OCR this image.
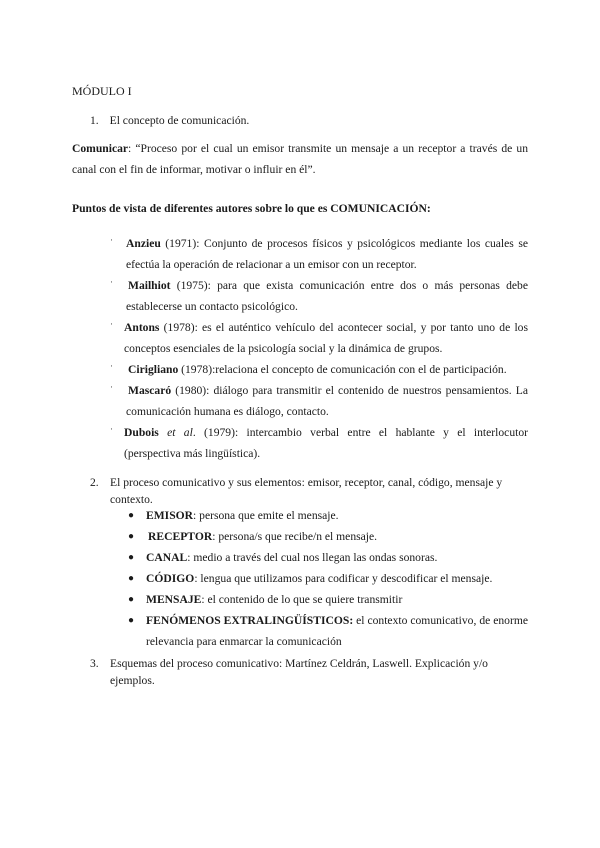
MÓDULO I
1. El concepto de comunicación.
Comunicar: “Proceso por el cual un emisor transmite un mensaje a un receptor a través de un canal con el fin de informar, motivar o influir en él”.
Puntos de vista de diferentes autores sobre lo que es COMUNICACIÓN:
· Anzieu (1971): Conjunto de procesos físicos y psicológicos mediante los cuales se efectúa la operación de relacionar a un emisor con un receptor.
· Mailhiot (1975): para que exista comunicación entre dos o más personas debe establecerse un contacto psicológico.
· Antons (1978): es el auténtico vehículo del acontecer social, y por tanto uno de los conceptos esenciales de la psicología social y la dinámica de grupos.
· Cirigliano (1978):relaciona el concepto de comunicación con el de participación.
· Mascaró (1980): diálogo para transmitir el contenido de nuestros pensamientos. La comunicación humana es diálogo, contacto.
· Dubois et al. (1979): intercambio verbal entre el hablante y el interlocutor (perspectiva más lingüística).
2. El proceso comunicativo y sus elementos: emisor, receptor, canal, código, mensaje y contexto.
● EMISOR: persona que emite el mensaje.
● RECEPTOR: persona/s que recibe/n el mensaje.
● CANAL: medio a través del cual nos llegan las ondas sonoras.
● CÓDIGO: lengua que utilizamos para codificar y descodificar el mensaje.
● MENSAJE: el contenido de lo que se quiere transmitir
● FENÓMENOS EXTRALINGÜÍSTICOS: el contexto comunicativo, de enorme relevancia para enmarcar la comunicación
3. Esquemas del proceso comunicativo: Martínez Celdrán, Laswell. Explicación y/o ejemplos.
